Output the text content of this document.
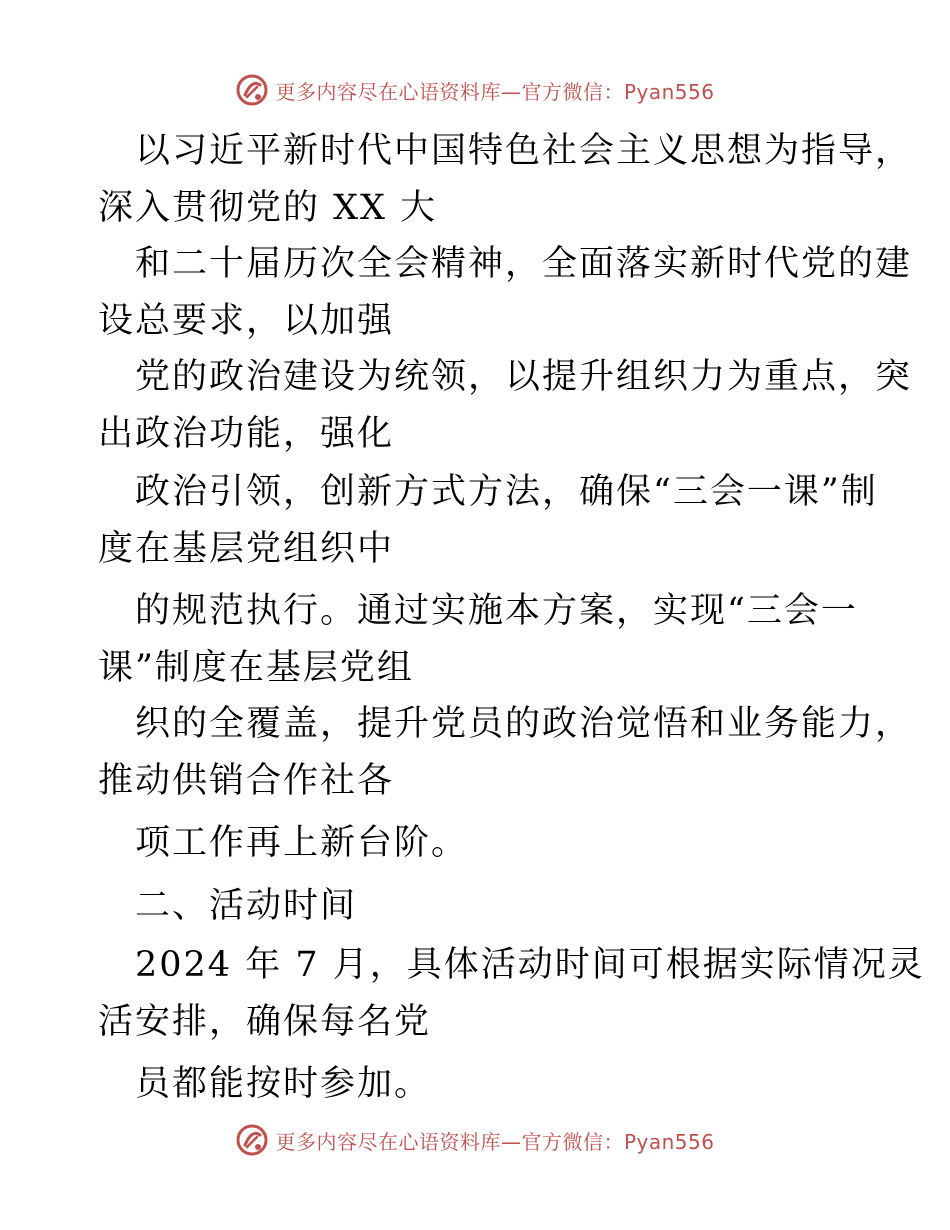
更多内容尽在心语资料库—官方微信：Pyan556
以习近平新时代中国特色社会主义思想为指导，
深入贯彻党的 XX 大
和二十届历次全会精神，全面落实新时代党的建
设总要求，以加强
党的政治建设为统领，以提升组织力为重点，突
出政治功能，强化
政治引领，创新方式方法，确保“三会一课”制
度在基层党组织中
的规范执行。通过实施本方案，实现“三会一
课”制度在基层党组
织的全覆盖，提升党员的政治觉悟和业务能力，
推动供销合作社各
项工作再上新台阶。
二、活动时间
2024 年 7 月，具体活动时间可根据实际情况灵
活安排，确保每名党
员都能按时参加。
更多内容尽在心语资料库—官方微信：Pyan556
